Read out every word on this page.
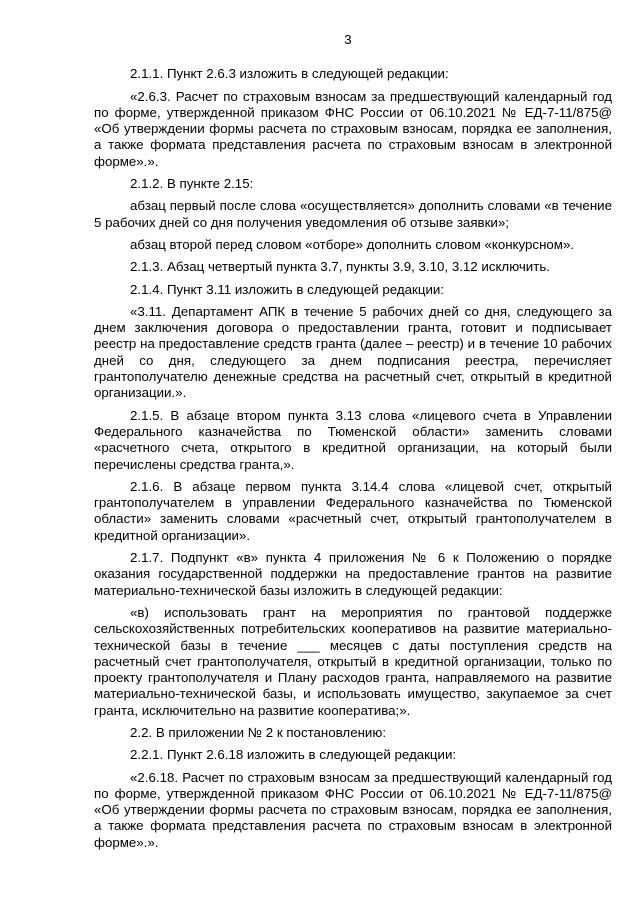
3

2.1.1. Пункт 2.6.3 изложить в следующей редакции:

«2.6.3. Расчет по страховым взносам за предшествующий календарный год по форме, утвержденной приказом ФНС России от 06.10.2021 № ЕД-7-11/875@ «Об утверждении формы расчета по страховым взносам, порядка ее заполнения, а также формата представления расчета по страховым взносам в электронной форме».».

2.1.2. В пункте 2.15:

абзац первый после слова «осуществляется» дополнить словами «в течение 5 рабочих дней со дня получения уведомления об отзыве заявки»;

абзац второй перед словом «отборе» дополнить словом «конкурсном».

2.1.3. Абзац четвертый пункта 3.7, пункты 3.9, 3.10, 3.12 исключить.

2.1.4. Пункт 3.11 изложить в следующей редакции:

«3.11. Департамент АПК в течение 5 рабочих дней со дня, следующего за днем заключения договора о предоставлении гранта, готовит и подписывает реестр на предоставление средств гранта (далее – реестр) и в течение 10 рабочих дней со дня, следующего за днем подписания реестра, перечисляет грантополучателю денежные средства на расчетный счет, открытый в кредитной организации.».

2.1.5. В абзаце втором пункта 3.13 слова «лицевого счета в Управлении Федерального казначейства по Тюменской области» заменить словами «расчетного счета, открытого в кредитной организации, на который были перечислены средства гранта,».

2.1.6. В абзаце первом пункта 3.14.4 слова «лицевой счет, открытый грантополучателем в управлении Федерального казначейства по Тюменской области» заменить словами «расчетный счет, открытый грантополучателем в кредитной организации».

2.1.7. Подпункт «в» пункта 4 приложения № 6 к Положению о порядке оказания государственной поддержки на предоставление грантов на развитие материально-технической базы изложить в следующей редакции:

«в) использовать грант на мероприятия по грантовой поддержке сельскохозяйственных потребительских кооперативов на развитие материально-технической базы в течение ___ месяцев с даты поступления средств на расчетный счет грантополучателя, открытый в кредитной организации, только по проекту грантополучателя и Плану расходов гранта, направляемого на развитие материально-технической базы, и использовать имущество, закупаемое за счет гранта, исключительно на развитие кооператива;».

2.2. В приложении № 2 к постановлению:

2.2.1. Пункт 2.6.18 изложить в следующей редакции:

«2.6.18. Расчет по страховым взносам за предшествующий календарный год по форме, утвержденной приказом ФНС России от 06.10.2021 № ЕД-7-11/875@ «Об утверждении формы расчета по страховым взносам, порядка ее заполнения, а также формата представления расчета по страховым взносам в электронной форме».».
